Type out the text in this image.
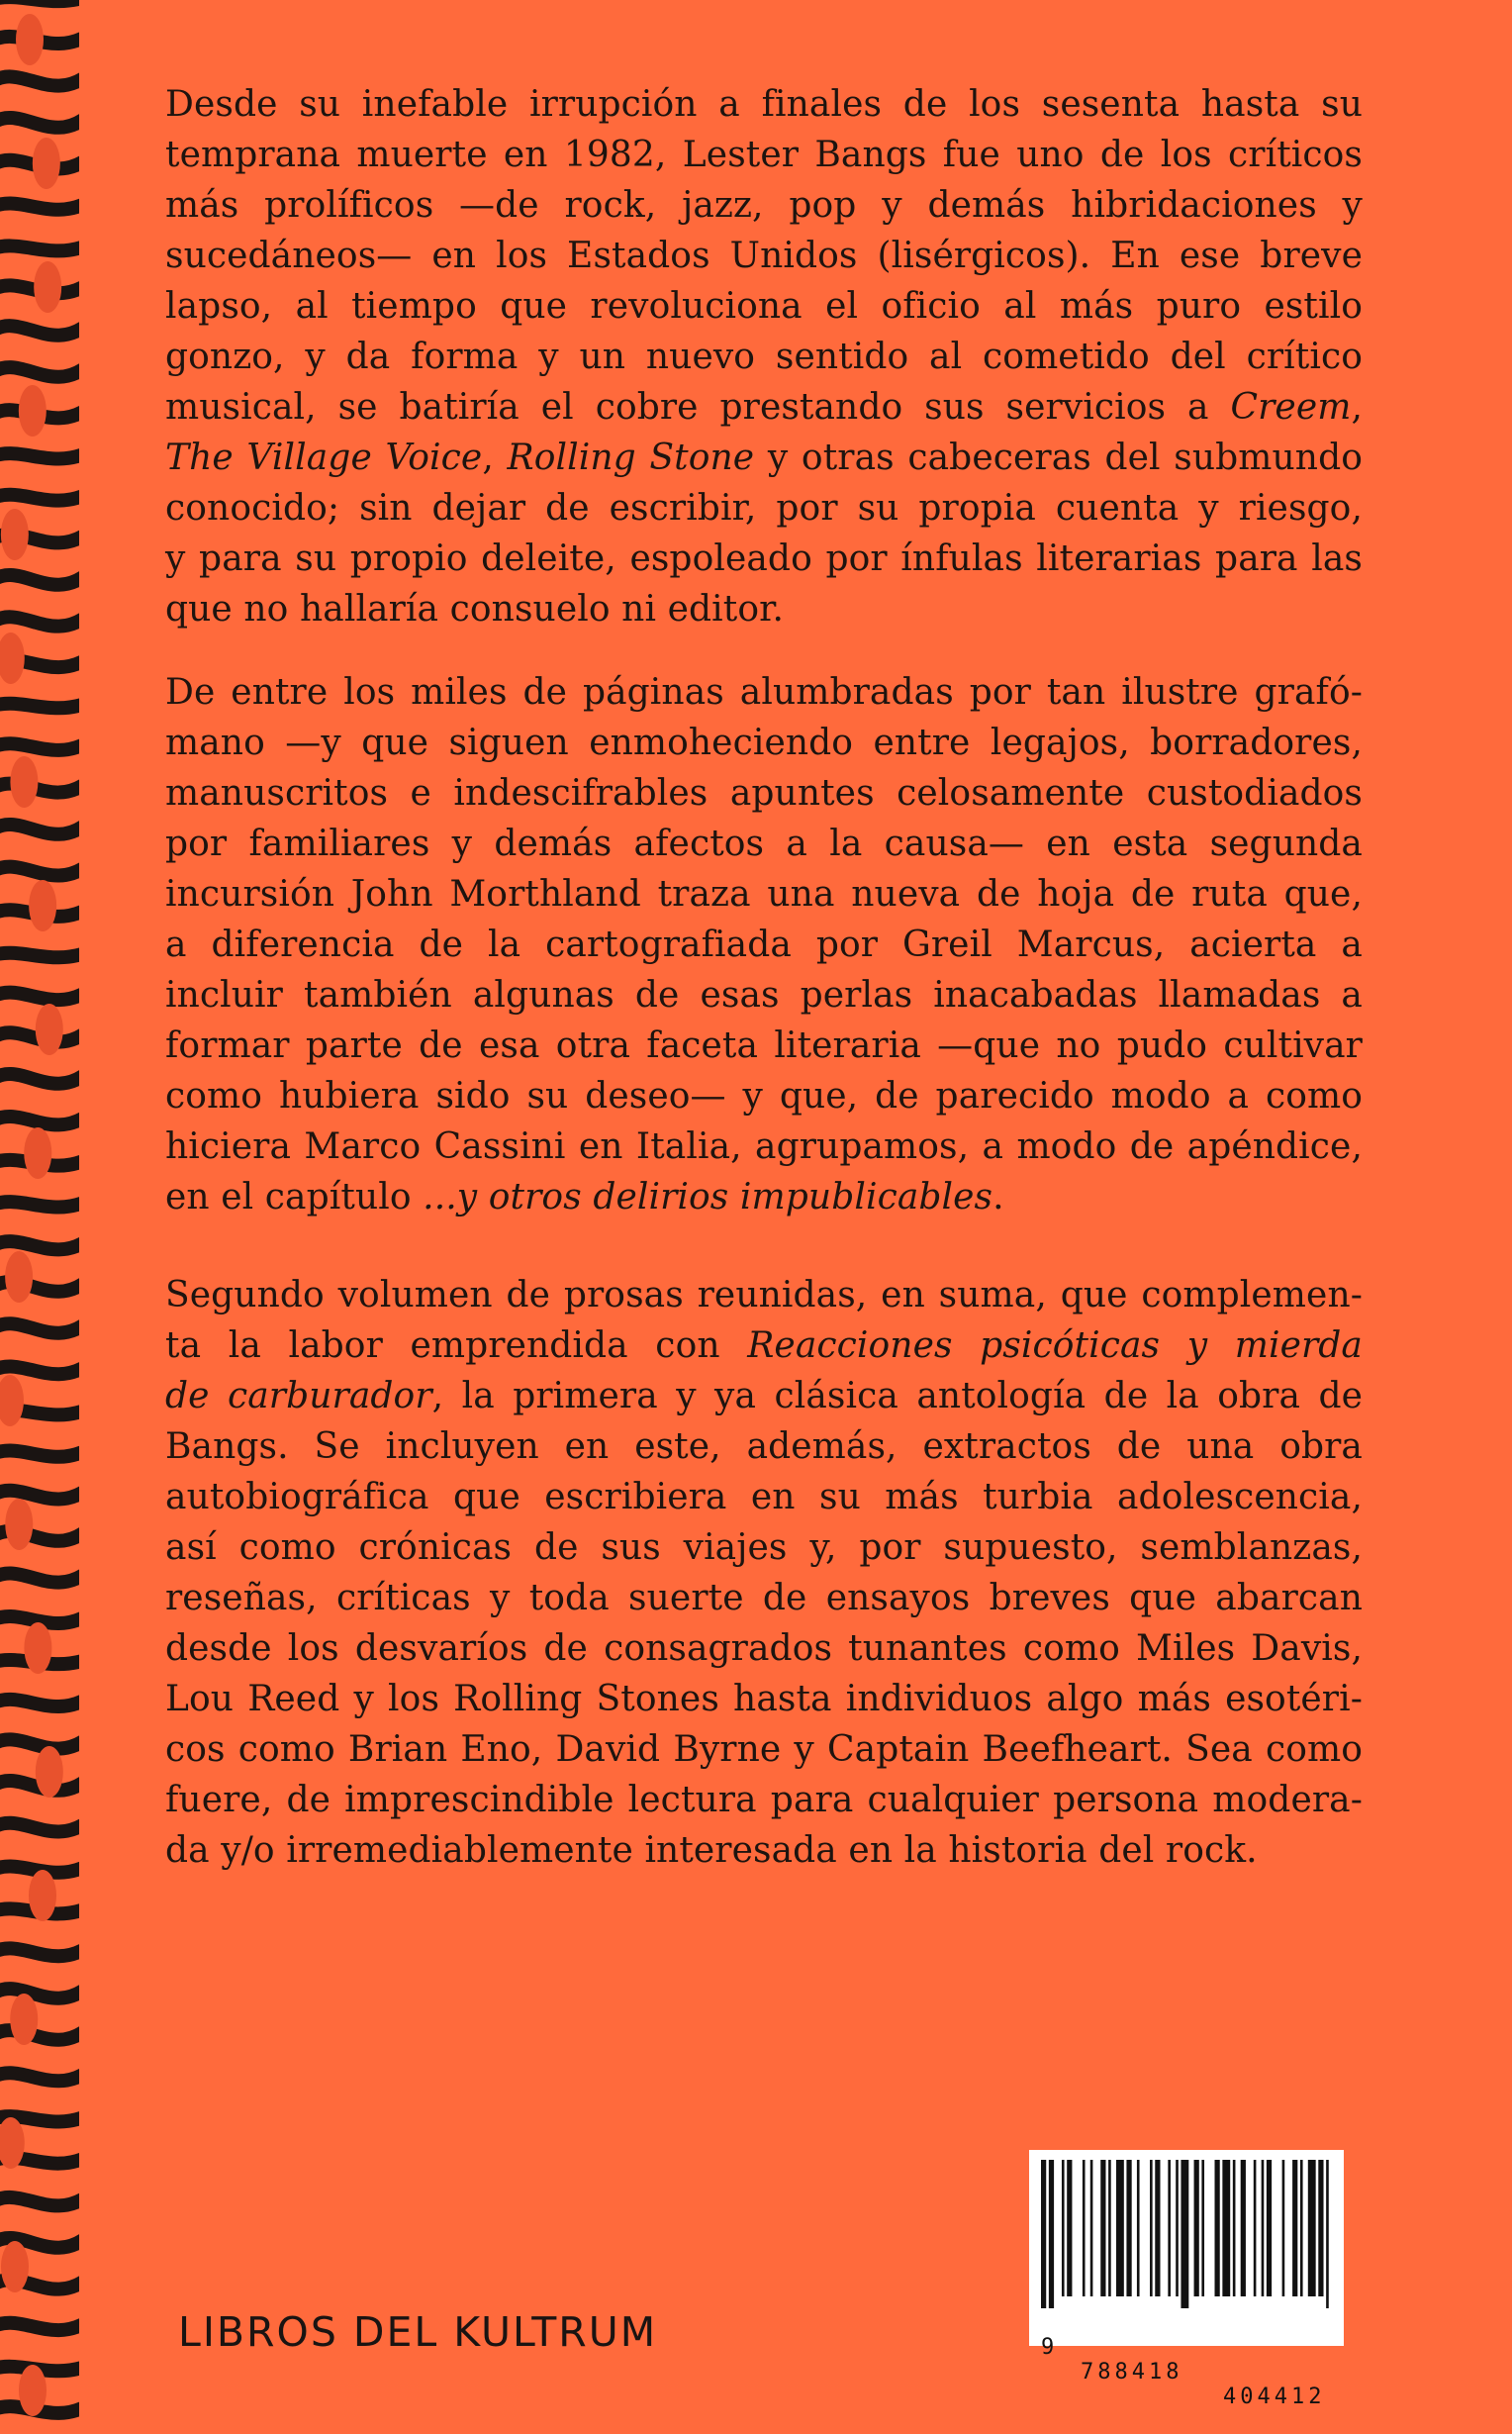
Desde su inefable irrupción a finales de los sesenta hasta su
temprana muerte en 1982, Lester Bangs fue uno de los críticos
más prolíficos —de rock, jazz, pop y demás hibridaciones y
sucedáneos— en los Estados Unidos (lisérgicos). En ese breve
lapso, al tiempo que revoluciona el oficio al más puro estilo
gonzo, y da forma y un nuevo sentido al cometido del crítico
musical, se batiría el cobre prestando sus servicios a Creem,
The Village Voice, Rolling Stone y otras cabeceras del submundo
conocido; sin dejar de escribir, por su propia cuenta y riesgo,
y para su propio deleite, espoleado por ínfulas literarias para las
que no hallaría consuelo ni editor.
De entre los miles de páginas alumbradas por tan ilustre grafó-
mano —y que siguen enmoheciendo entre legajos, borradores,
manuscritos e indescifrables apuntes celosamente custodiados
por familiares y demás afectos a la causa— en esta segunda
incursión John Morthland traza una nueva de hoja de ruta que,
a diferencia de la cartografiada por Greil Marcus, acierta a
incluir también algunas de esas perlas inacabadas llamadas a
formar parte de esa otra faceta literaria —que no pudo cultivar
como hubiera sido su deseo— y que, de parecido modo a como
hiciera Marco Cassini en Italia, agrupamos, a modo de apéndice,
en el capítulo ...y otros delirios impublicables.
Segundo volumen de prosas reunidas, en suma, que complemen-
ta la labor emprendida con Reacciones psicóticas y mierda
de carburador, la primera y ya clásica antología de la obra de
Bangs. Se incluyen en este, además, extractos de una obra
autobiográfica que escribiera en su más turbia adolescencia,
así como crónicas de sus viajes y, por supuesto, semblanzas,
reseñas, críticas y toda suerte de ensayos breves que abarcan
desde los desvaríos de consagrados tunantes como Miles Davis,
Lou Reed y los Rolling Stones hasta individuos algo más esotéri-
cos como Brian Eno, David Byrne y Captain Beefheart. Sea como
fuere, de imprescindible lectura para cualquier persona modera-
da y/o irremediablemente interesada en la historia del rock.

9

788418

404412

LIBROS DEL KULTRUM
